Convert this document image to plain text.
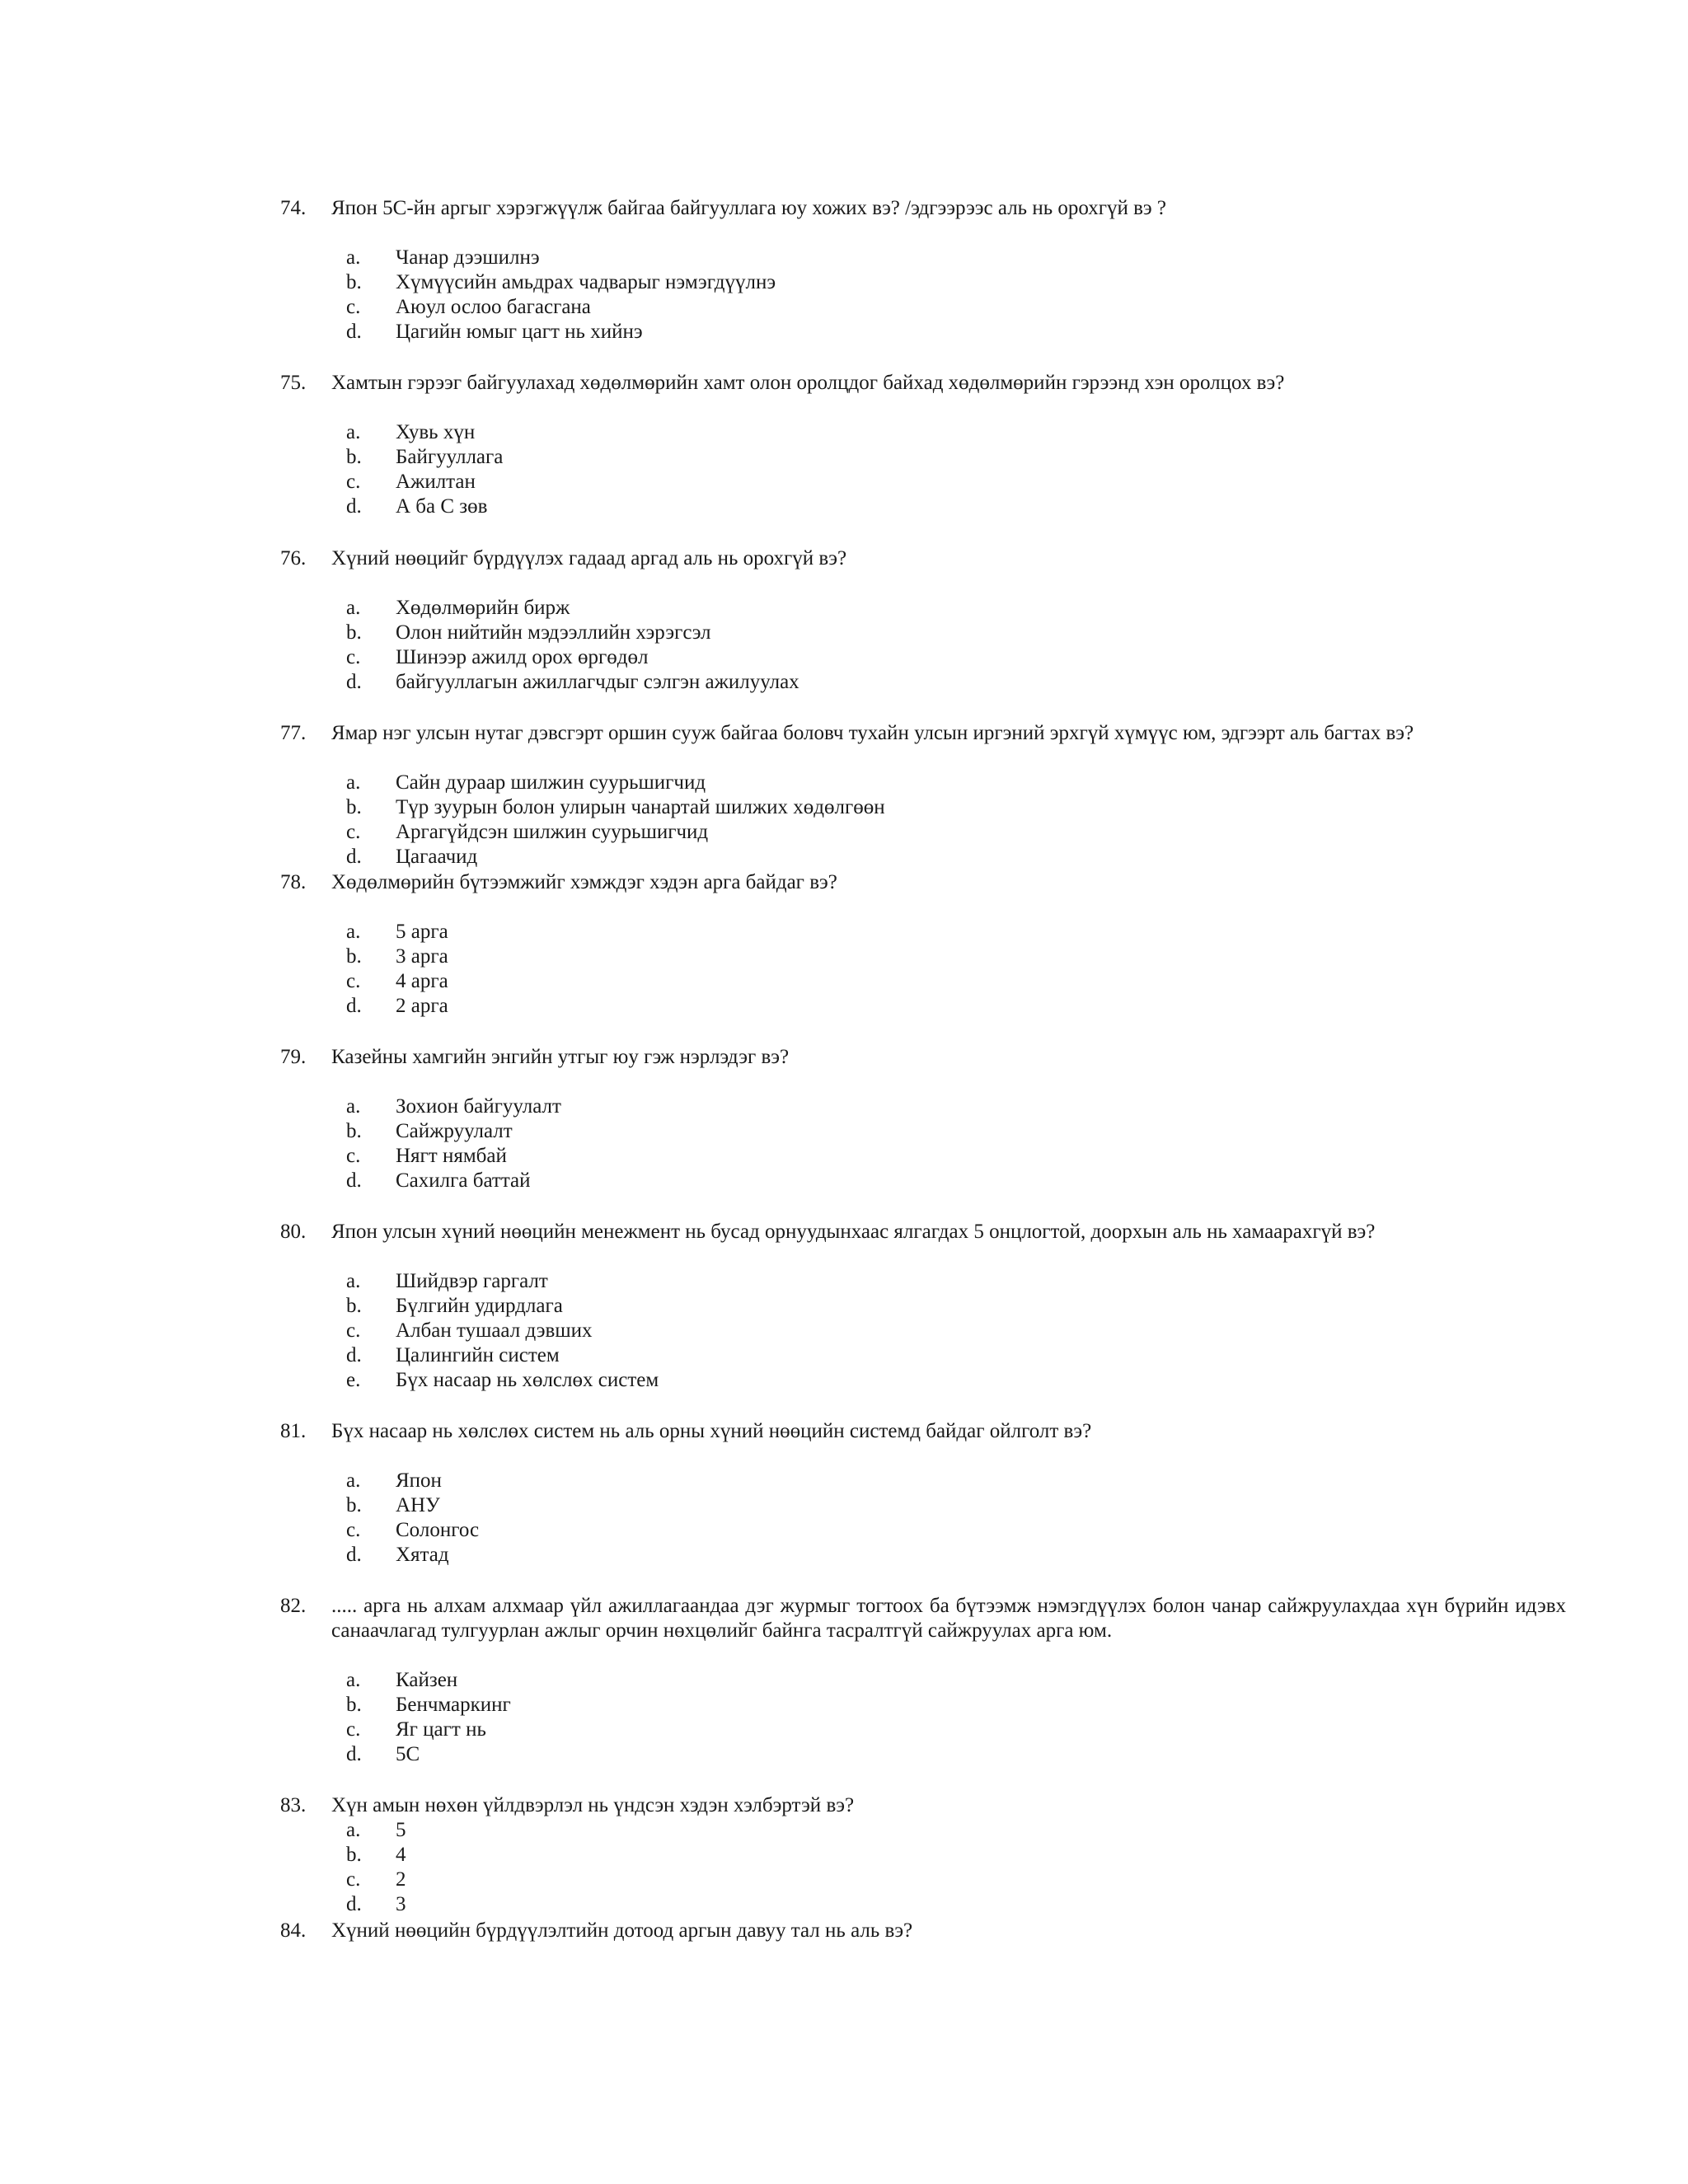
74.	Япон 5С-йн аргыг хэрэгжүүлж байгаа байгууллага юу хожих вэ? /эдгээрээс аль нь орохгүй вэ ?
a.	Чанар дээшилнэ
b.	Хүмүүсийн амьдрах чадварыг нэмэгдүүлнэ
c.	Аюул ослоо багасгана
d.	Цагийн юмыг цагт нь хийнэ
75.	Хамтын гэрээг байгуулахад хөдөлмөрийн хамт олон оролцдог байхад хөдөлмөрийн гэрээнд хэн оролцох вэ?
a.	Хувь хүн
b.	Байгууллага
c.	Ажилтан
d.	А ба С зөв
76.	Хүний нөөцийг бүрдүүлэх гадаад аргад аль нь орохгүй вэ?
a.	Хөдөлмөрийн бирж
b.	Олон нийтийн мэдээллийн хэрэгсэл
c.	Шинээр ажилд орох өргөдөл
d.	байгууллагын ажиллагчдыг сэлгэн ажилуулах
77.	Ямар нэг улсын нутаг дэвсгэрт оршин сууж байгаа боловч тухайн улсын иргэний эрхгүй хүмүүс юм, эдгээрт аль багтах вэ?
a.	Сайн дураар шилжин суурьшигчид
b.	Түр зуурын болон улирын чанартай шилжих хөдөлгөөн
c.	Аргагүйдсэн шилжин суурьшигчид
d.	Цагаачид
78.	Хөдөлмөрийн бүтээмжийг хэмждэг хэдэн арга байдаг вэ?
a.	5 арга
b.	3 арга
c.	4 арга
d.	2 арга
79.	Казейны хамгийн энгийн утгыг юу гэж нэрлэдэг вэ?
a.	Зохион байгуулалт
b.	Сайжруулалт
c.	Нягт нямбай
d.	Сахилга баттай
80.	Япон улсын хүний нөөцийн менежмент нь бусад орнуудынхаас ялгагдах 5 онцлогтой, доорхын аль нь хамаарахгүй вэ?
a.	Шийдвэр гаргалт
b.	Бүлгийн удирдлага
c.	Албан тушаал дэвших
d.	Цалингийн систем
e.	Бүх насаар нь хөлслөх систем
81.	Бүх насаар нь хөлслөх систем нь аль орны хүний нөөцийн системд байдаг ойлголт вэ?
a.	Япон
b.	АНУ
c.	Солонгос
d.	Хятад
82.	..... арга нь алхам алхмаар үйл ажиллагаандаа дэг журмыг тогтоох ба бүтээмж нэмэгдүүлэх болон чанар сайжруулахдаа хүн бүрийн идэвх санаачлагад тулгуурлан ажлыг орчин нөхцөлийг байнга тасралтгүй сайжруулах арга юм.
a.	Кайзен
b.	Бенчмаркинг
c.	Яг цагт нь
d.	5С
83.	Хүн амын нөхөн үйлдвэрлэл нь үндсэн хэдэн хэлбэртэй вэ?
a.	5
b.	4
c.	2
d.	3
84.	Хүний нөөцийн бүрдүүлэлтийн дотоод аргын давуу тал нь аль вэ?
